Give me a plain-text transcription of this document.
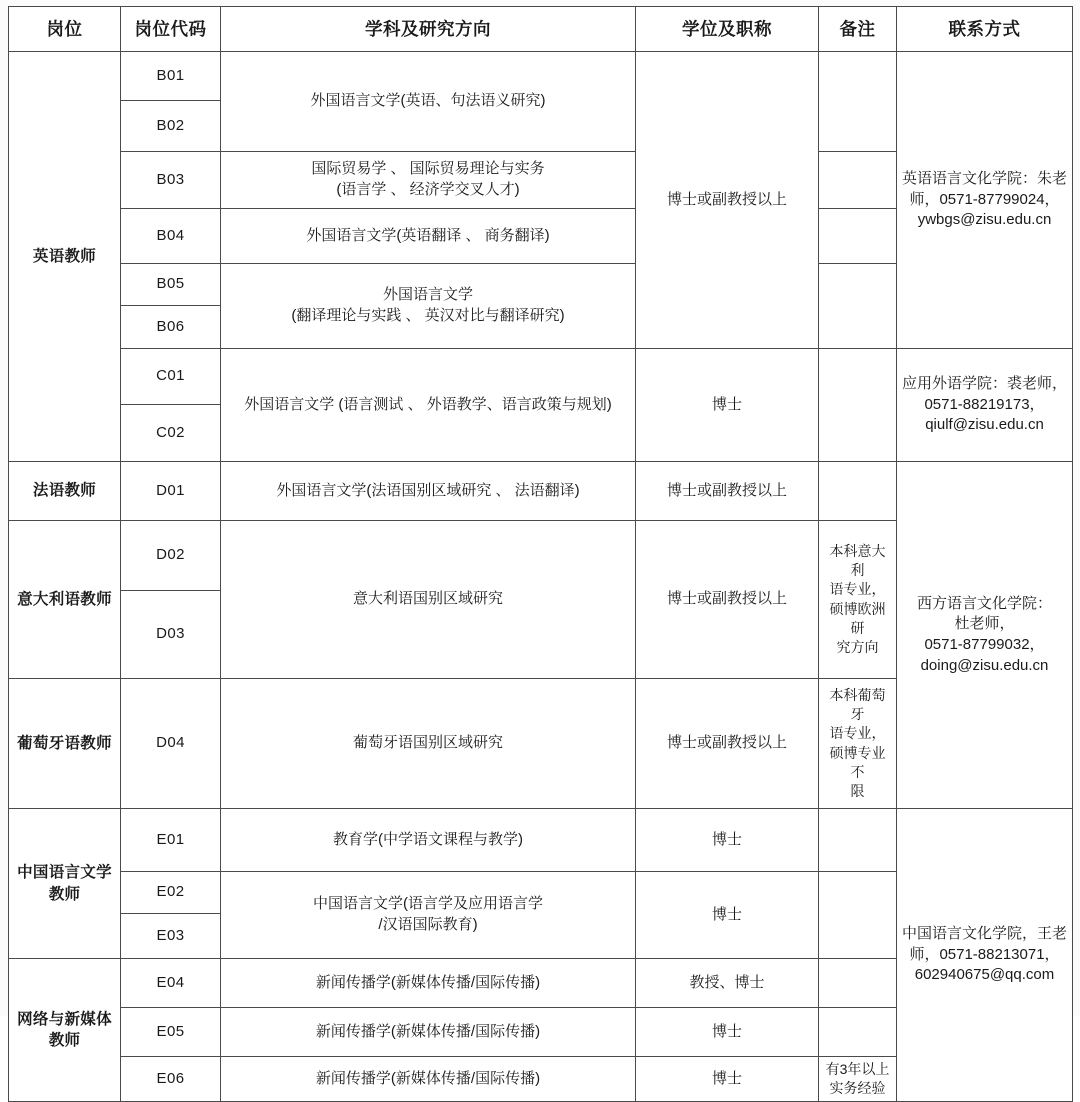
岗位	岗位代码	学科及研究方向	学位及职称	备注	联系方式
英语教师	B01	外国语言文学(英语、句法语义研究)	博士或副教授以上		英语语言文化学院：朱老
师，0571-87799024，
ywbgs@zisu.edu.cn

	B02				
	B03	国际贸易学 、 国际贸易理论与实务
(语言学 、 经济学交叉人才)			

	B04	外国语言文学(英语翻译 、 商务翻译)			
	B05	外国语言文学
(翻译理论与实践 、 英汉对比与翻译研究)			

	B06				
	C01	外国语言文学 (语言测试 、 外语教学、语言政策与规划)	博士		应用外语学院：裘老师，
0571-88219173，
qiulf@zisu.edu.cn

	C02				
法语教师	D01	外国语言文学(法语国别区域研究 、 法语翻译)	博士或副教授以上		西方语言文化学院：
杜老师，
0571-87799032，
doing@zisu.edu.cn

意大利语教师	D02	意大利语国别区域研究	博士或副教授以上	本科意大利
语专业，
硕博欧洲研
究方向	

	D03				
葡萄牙语教师	D04	葡萄牙语国别区域研究	博士或副教授以上	本科葡萄牙
语专业，
硕博专业不
限	

中国语言文学教师	E01	教育学(中学语文课程与教学)	博士		中国语言文化学院，王老
师，0571-88213071，
602940675@qq.com

	E02	中国语言文学(语言学及应用语言学
/汉语国际教育)	博士		
	E03				
网络与新媒体教师	E04	新闻传播学(新媒体传播/国际传播)	教授、博士		
	E05	新闻传播学(新媒体传播/国际传播)	博士		
	E06	新闻传播学(新媒体传播/国际传播)	博士	有3年以上
实务经验	
